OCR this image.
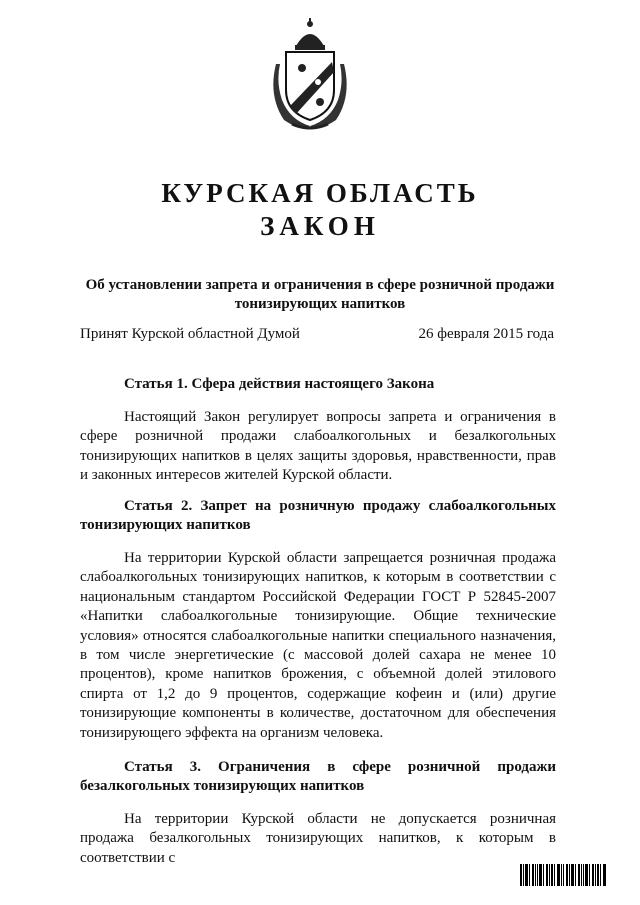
КУРСКАЯ ОБЛАСТЬ
ЗАКОН
Об установлении запрета и ограничения в сфере розничной продажи тонизирующих напитков
Принят Курской областной Думой	26 февраля 2015 года
Статья 1. Сфера действия настоящего Закона
Настоящий Закон регулирует вопросы запрета и ограничения в сфере розничной продажи слабоалкогольных и безалкогольных тонизирующих напитков в целях защиты здоровья, нравственности, прав и законных интересов жителей Курской области.
Статья 2. Запрет на розничную продажу слабоалкогольных тонизирующих напитков
На территории Курской области запрещается розничная продажа слабоалкогольных тонизирующих напитков, к которым в соответствии с национальным стандартом Российской Федерации ГОСТ Р 52845-2007 «Напитки слабоалкогольные тонизирующие. Общие технические условия» относятся слабоалкогольные напитки специального назначения, в том числе энергетические (с массовой долей сахара не менее 10 процентов), кроме напитков брожения, с объемной долей этилового спирта от 1,2 до 9 процентов, содержащие кофеин и (или) другие тонизирующие компоненты в количестве, достаточном для обеспечения тонизирующего эффекта на организм человека.
Статья 3. Ограничения в сфере розничной продажи безалкогольных тонизирующих напитков
На территории Курской области не допускается розничная продажа безалкогольных тонизирующих напитков, к которым в соответствии с
